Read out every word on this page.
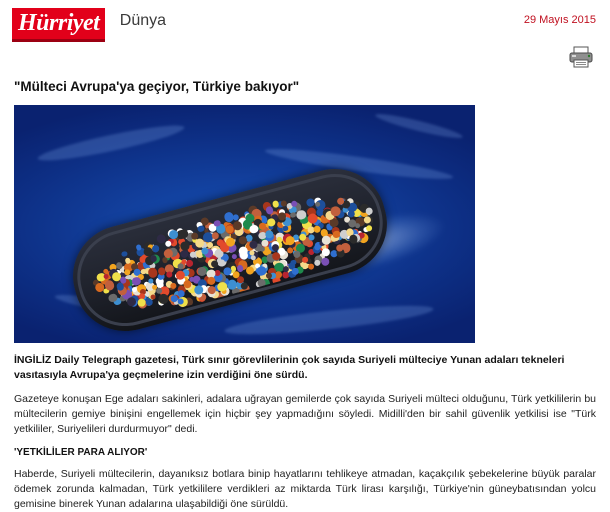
Hürriyet Dünya	29 Mayıs 2015
"Mülteci Avrupa'ya geçiyor, Türkiye bakıyor"

İNGİLİZ Daily Telegraph gazetesi, Türk sınır görevlilerinin çok sayıda Suriyeli mülteciye Yunan adaları tekneleri vasıtasıyla Avrupa'ya geçmelerine izin verdiğini öne sürdü.

Gazeteye konuşan Ege adaları sakinleri, adalara uğrayan gemilerde çok sayıda Suriyeli mülteci olduğunu, Türk yetkililerin bu mültecilerin gemiye binişini engellemek için hiçbir şey yapmadığını söyledi. Midilli'den bir sahil güvenlik yetkilisi ise "Türk yetkililer, Suriyelileri durdurmuyor" dedi.

'YETKİLİLER PARA ALIYOR'

Haberde, Suriyeli mültecilerin, dayanıksız botlara binip hayatlarını tehlikeye atmadan, kaçakçılık şebekelerine büyük paralar ödemek zorunda kalmadan, Türk yetkililere verdikleri az miktarda Türk lirası karşılığı, Türkiye'nin güneybatısından yolcu gemisine binerek Yunan adalarına ulaşabildiği öne sürüldü.
